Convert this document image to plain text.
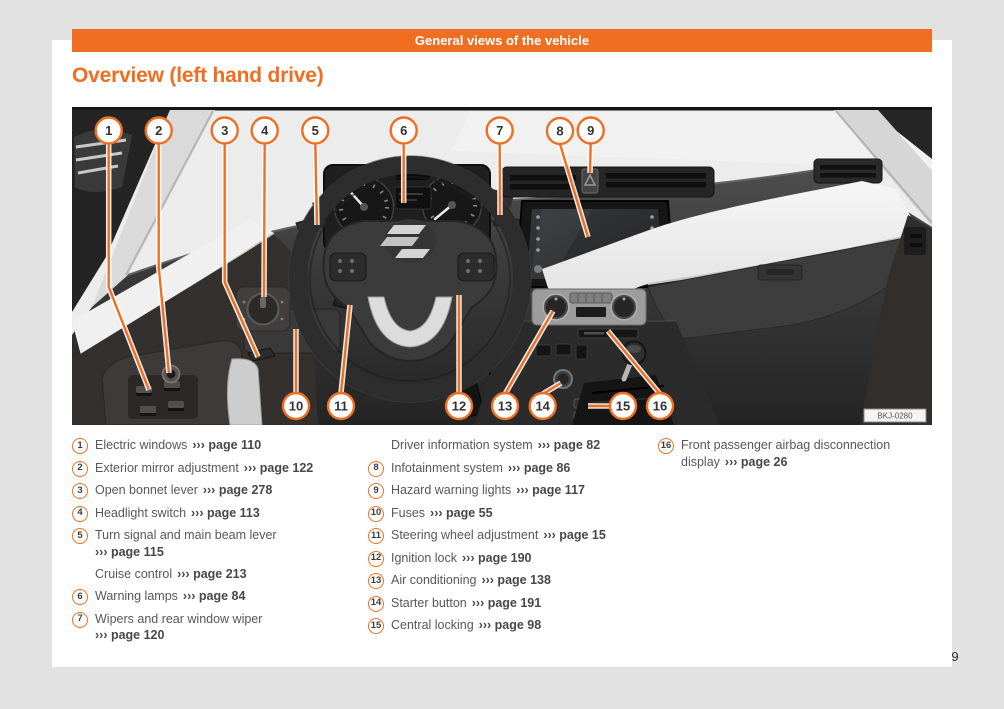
General views of the vehicle
Overview (left hand drive)
BKJ-0280
1	2	3	4	5	6	7	8 9
10 11	12 13 14	15 16
1 Electric windows ››› page 110
2 Exterior mirror adjustment ››› page 122
3 Open bonnet lever ››› page 278
4 Headlight switch ››› page 113
5 Turn signal and main beam lever
››› page 115
Cruise control ››› page 213
6 Warning lamps ››› page 84
7 Wipers and rear window wiper
››› page 120
Driver information system ››› page 82
8 Infotainment system ››› page 86
9 Hazard warning lights ››› page 117
10 Fuses ››› page 55
11 Steering wheel adjustment ››› page 15
12 Ignition lock ››› page 190
13 Air conditioning ››› page 138
14 Starter button ››› page 191
15 Central locking ››› page 98
16 Front passenger airbag disconnection
display ››› page 26
9
